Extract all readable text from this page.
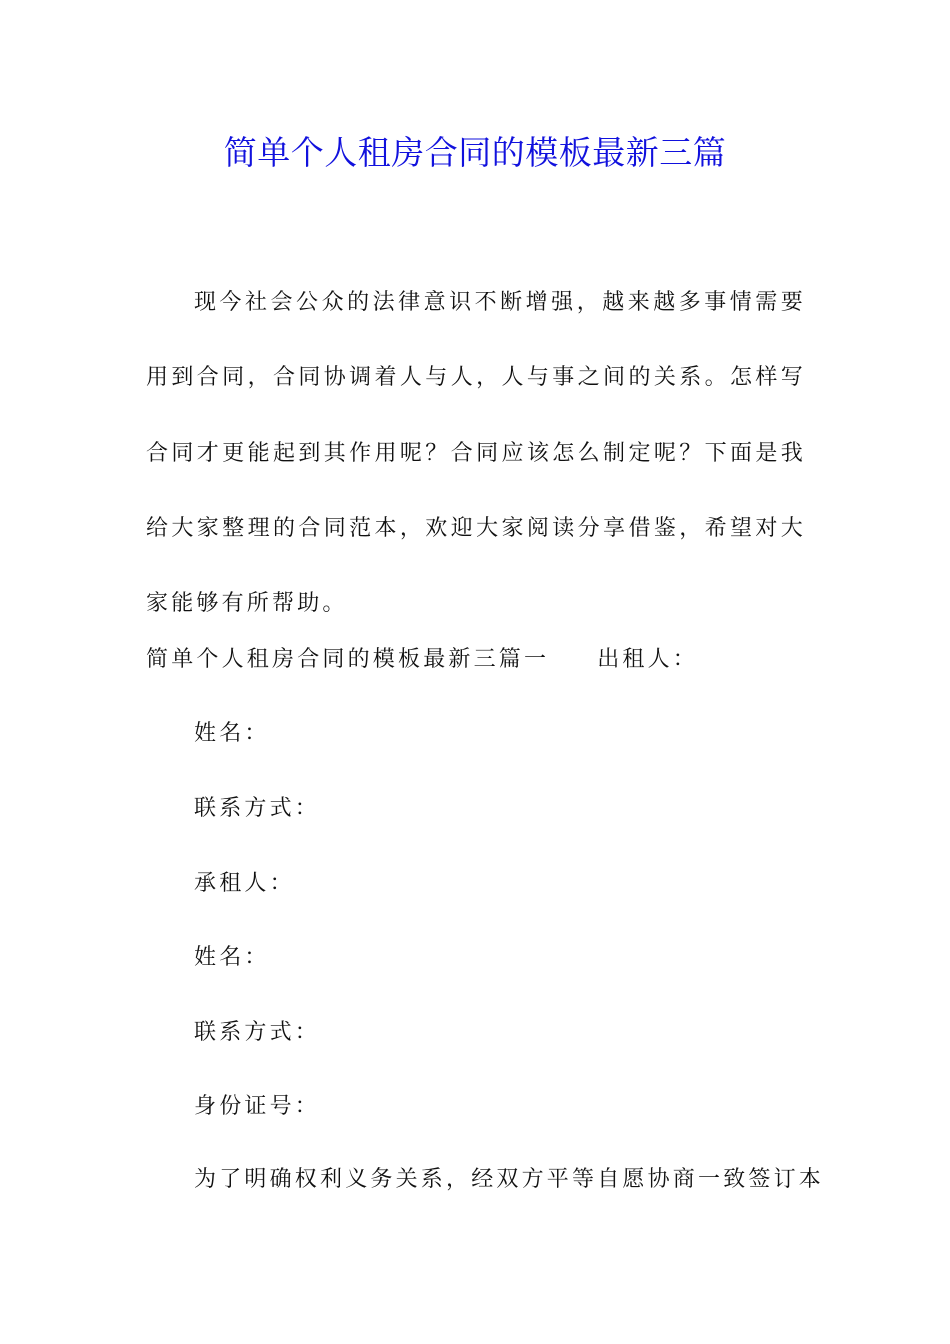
简单个人租房合同的模板最新三篇
现今社会公众的法律意识不断增强，越来越多事情需要用到合同，合同协调着人与人，人与事之间的关系。怎样写合同才更能起到其作用呢？合同应该怎么制定呢？下面是我给大家整理的合同范本，欢迎大家阅读分享借鉴，希望对大家能够有所帮助。
简单个人租房合同的模板最新三篇一 出租人：
姓名：
联系方式：
承租人：
姓名：
联系方式：
身份证号：
为了明确权利义务关系，经双方平等自愿协商一致签订本
